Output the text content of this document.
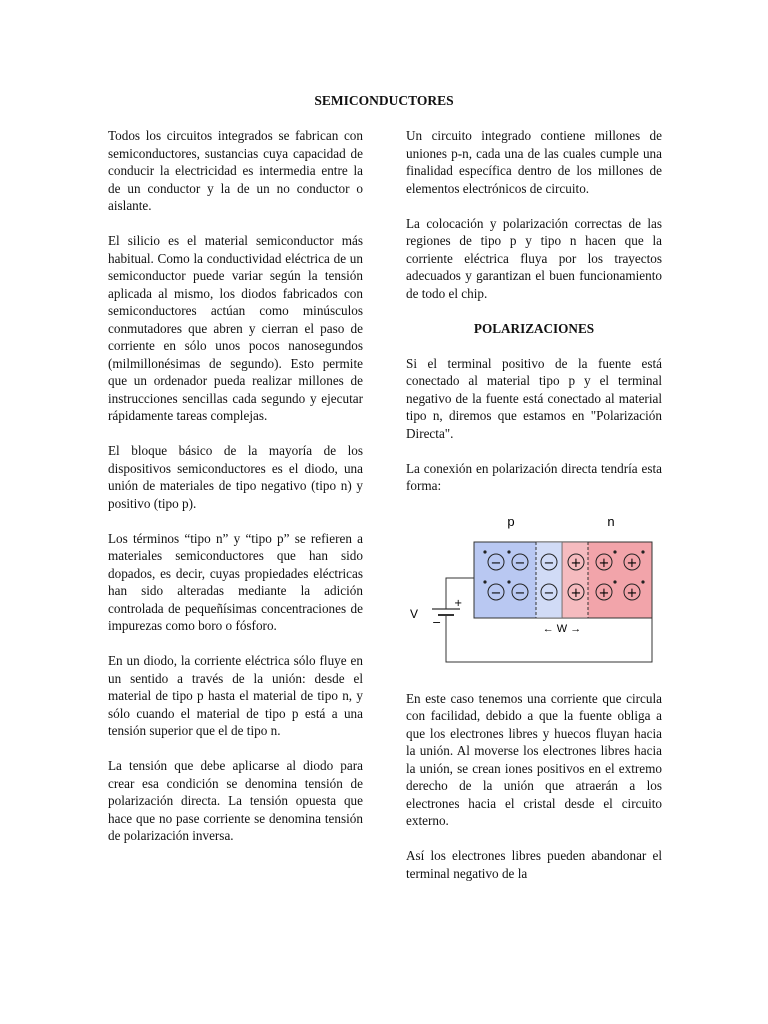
SEMICONDUCTORES

Todos los circuitos integrados se fabrican con semiconductores, sustancias cuya capacidad de conducir la electricidad es intermedia entre la de un conductor y la de un no conductor o aislante.

El silicio es el material semiconductor más habitual. Como la conductividad eléctrica de un semiconductor puede variar según la tensión aplicada al mismo, los diodos fabricados con semiconductores actúan como minúsculos conmutadores que abren y cierran el paso de corriente en sólo unos pocos nanosegundos (milmillonésimas de segundo). Esto permite que un ordenador pueda realizar millones de instrucciones sencillas cada segundo y ejecutar rápidamente tareas complejas.

El bloque básico de la mayoría de los dispositivos semiconductores es el diodo, una unión de materiales de tipo negativo (tipo n) y positivo (tipo p).

Los términos “tipo n” y “tipo p” se refieren a materiales semiconductores que han sido dopados, es decir, cuyas propiedades eléctricas han sido alteradas mediante la adición controlada de pequeñísimas concentraciones de impurezas como boro o fósforo.

En un diodo, la corriente eléctrica sólo fluye en un sentido a través de la unión: desde el material de tipo p hasta el material de tipo n, y sólo cuando el material de tipo p está a una tensión superior que el de tipo n.

La tensión que debe aplicarse al diodo para crear esa condición se denomina tensión de polarización directa. La tensión opuesta que hace que no pase corriente se denomina tensión de polarización inversa.

Un circuito integrado contiene millones de uniones p-n, cada una de las cuales cumple una finalidad específica dentro de los millones de elementos electrónicos de circuito.

La colocación y polarización correctas de las regiones de tipo p y tipo n hacen que la corriente eléctrica fluya por los trayectos adecuados y garantizan el buen funcionamiento de todo el chip.

POLARIZACIONES

Si el terminal positivo de la fuente está conectado al material tipo p y el terminal negativo de la fuente está conectado al material tipo n, diremos que estamos en "Polarización Directa".

La conexión en polarización directa tendría esta forma:

p	n
− − −
− − −
+ + +
+ + +
+
−
V
← W →

En este caso tenemos una corriente que circula con facilidad, debido a que la fuente obliga a que los electrones libres y huecos fluyan hacia la unión. Al moverse los electrones libres hacia la unión, se crean iones positivos en el extremo derecho de la unión que atraerán a los electrones hacia el cristal desde el circuito externo.

Así los electrones libres pueden abandonar el terminal negativo de la
